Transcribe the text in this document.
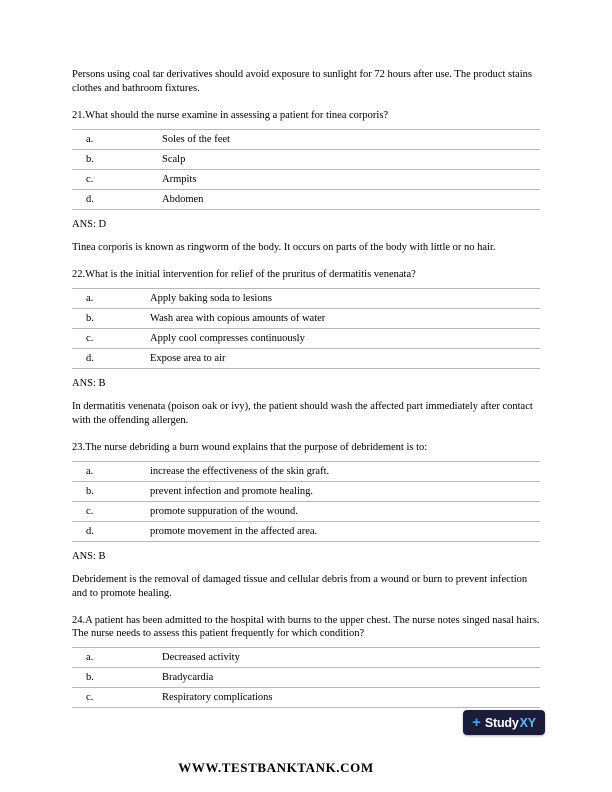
Persons using coal tar derivatives should avoid exposure to sunlight for 72 hours after use. The product stains clothes and bathroom fixtures.

21.What should the nurse examine in assessing a patient for tinea corporis?

a.	Soles of the feet
b.	Scalp
c.	Armpits
d.	Abdomen

ANS: D

Tinea corporis is known as ringworm of the body. It occurs on parts of the body with little or no hair.

22.What is the initial intervention for relief of the pruritus of dermatitis venenata?

a.	Apply baking soda to lesions
b.	Wash area with copious amounts of water
c.	Apply cool compresses continuously
d.	Expose area to air

ANS: B

In dermatitis venenata (poison oak or ivy), the patient should wash the affected part immediately after contact with the offending allergen.

23.The nurse debriding a burn wound explains that the purpose of debridement is to:

a.	increase the effectiveness of the skin graft.
b.	prevent infection and promote healing.
c.	promote suppuration of the wound.
d.	promote movement in the affected area.

ANS: B

Debridement is the removal of damaged tissue and cellular debris from a wound or burn to prevent infection and to promote healing.

24.A patient has been admitted to the hospital with burns to the upper chest. The nurse notes singed nasal hairs. The nurse needs to assess this patient frequently for which condition?

a.	Decreased activity
b.	Bradycardia
c.	Respiratory complications
+ Study XY
WWW.TESTBANKTANK.COM
